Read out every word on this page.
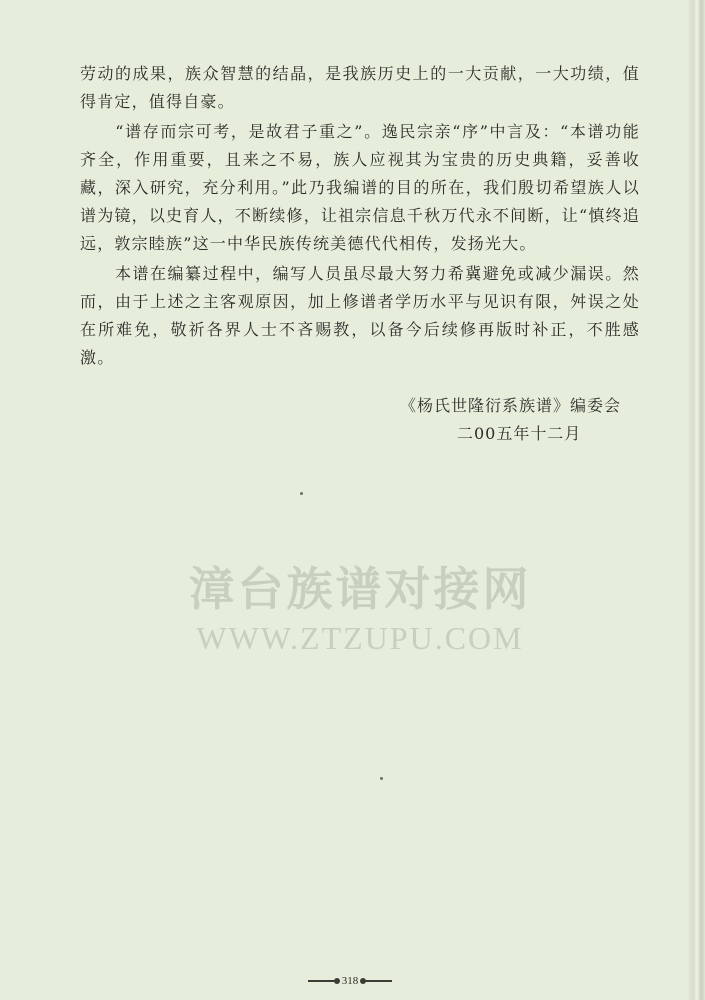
劳动的成果，族众智慧的结晶，是我族历史上的一大贡献，一大功绩，值得肯定，值得自豪。

　　“谱存而宗可考，是故君子重之”。逸民宗亲“序”中言及：“本谱功能齐全，作用重要，且来之不易，族人应视其为宝贵的历史典籍，妥善收藏，深入研究，充分利用。”此乃我编谱的目的所在，我们殷切希望族人以谱为镜，以史育人，不断续修，让祖宗信息千秋万代永不间断，让“慎终追远，敦宗睦族”这一中华民族传统美德代代相传，发扬光大。

　　本谱在编纂过程中，编写人员虽尽最大努力希冀避免或减少漏误。然而，由于上述之主客观原因，加上修谱者学历水平与见识有限，舛误之处在所难免，敬祈各界人士不吝赐教，以备今后续修再版时补正，不胜感激。

《杨氏世隆衍系族谱》编委会
二00五年十二月
漳台族谱对接网
WWW.ZTZUPU.COM
318
